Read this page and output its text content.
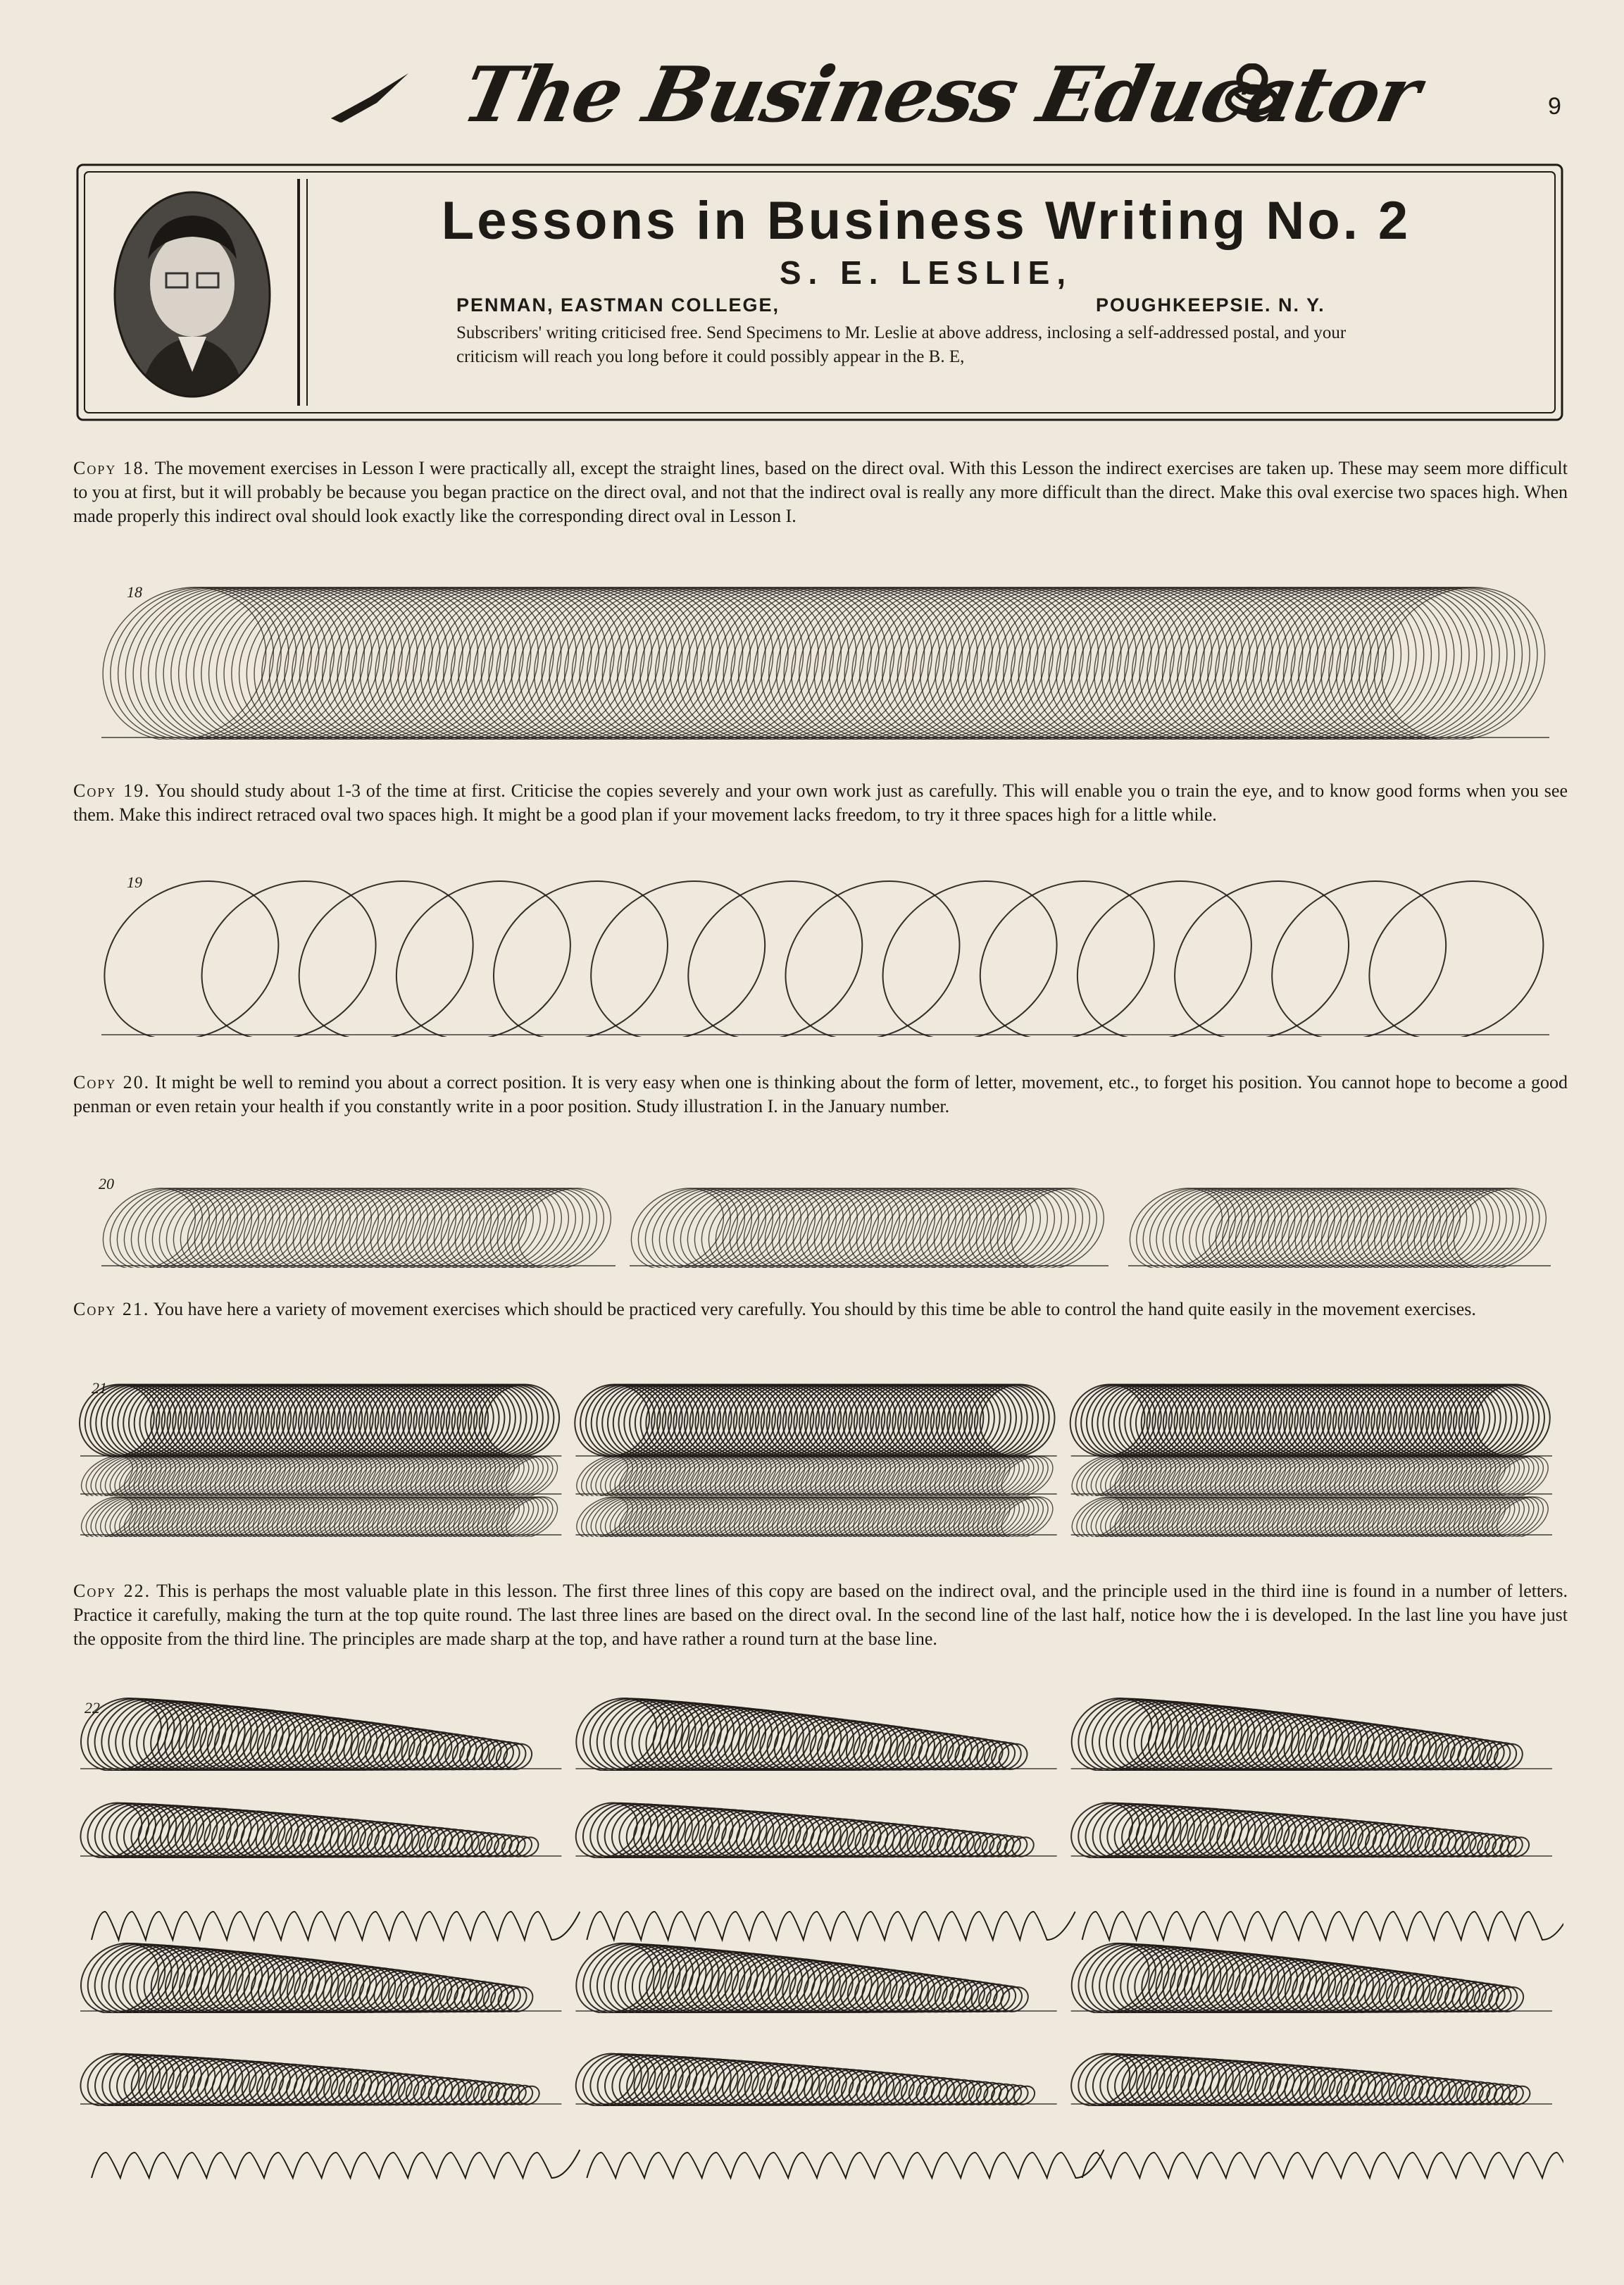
The Business Educator	9
Lessons in Business Writing No. 2
S. E. LESLIE,
PENMAN, EASTMAN COLLEGE,	POUGHKEEPSIE. N. Y.
Subscribers' writing criticised free. Send Specimens to Mr. Leslie at above address, inclosing a self-addressed postal, and your criticism will reach you long before it could possibly appear in the B. E,
Copy 18. The movement exercises in Lesson I were practically all, except the straight lines, based on the direct oval. With this Lesson the indirect exercises are taken up. These may seem more difficult to you at first, but it will probably be because you began practice on the direct oval, and not that the indirect oval is really any more difficult than the direct. Make this oval exercise two spaces high. When made properly this indirect oval should look exactly like the corresponding direct oval in Lesson I.
18
Copy 19. You should study about 1-3 of the time at first. Criticise the copies severely and your own work just as carefully. This will enable you o train the eye, and to know good forms when you see them. Make this indirect retraced oval two spaces high. It might be a good plan if your movement lacks freedom, to try it three spaces high for a little while.
19
Copy 20. It might be well to remind you about a correct position. It is very easy when one is thinking about the form of letter, movement, etc., to forget his position. You cannot hope to become a good penman or even retain your health if you constantly write in a poor position. Study illustration I. in the January number.
20
Copy 21. You have here a variety of movement exercises which should be practiced very carefully. You should by this time be able to control the hand quite easily in the movement exercises.
21
Copy 22. This is perhaps the most valuable plate in this lesson. The first three lines of this copy are based on the indirect oval, and the principle used in the third iine is found in a number of letters. Practice it carefully, making the turn at the top quite round. The last three lines are based on the direct oval. In the second line of the last half, notice how the i is developed. In the last line you have just the opposite from the third line. The principles are made sharp at the top, and have rather a round turn at the base line.
22
